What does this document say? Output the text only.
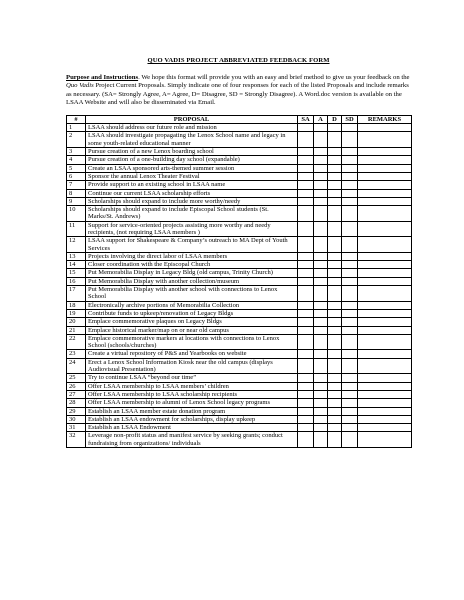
QUO VADIS PROJECT ABBREVIATED FEEDBACK FORM

Purpose and Instructions. We hope this format will provide you with an easy and brief method to give us your feedback on the Quo Vadis Project Current Proposals. Simply indicate one of four responses for each of the listed Proposals and include remarks as necessary. (SA= Strongly Agree, A= Agree, D= Disagree, SD = Strongly Disagree). A Word.doc version is available on the LSAA Website and will also be disseminated via Email.

#	PROPOSAL	SA	A	D	SD	REMARKS
1	LSAA should address our future role and mission					
2	LSAA should investigate propagating the Lenox School name and legacy in some youth-related educational manner					
3	Pursue creation of a new Lenox boarding school					
4	Pursue creation of a one-building day school (expandable)					
5	Create an LSAA sponsored arts-themed summer session					
6	Sponsor the annual Lenox Theater Festival					
7	Provide support to an existing school in LSAA name					
8	Continue our current LSAA scholarship efforts					
9	Scholarships should expand to include more worthy/needy					
10	Scholarships should expand to include Episcopal School students (St. Marks/St. Andrews)					
11	Support for service-oriented projects assisting more worthy and needy recipients, (not requiring LSAA members )					
12	LSAA support for Shakespeare & Company’s outreach to MA Dept of Youth Services					
13	Projects involving the direct labor of LSAA members					
14	Closer coordination with the Episcopal Church					
15	Put Memorabilia Display in Legacy Bldg (old campus, Trinity Church)					
16	Put Memorabilia Display with another collection/museum					
17	Put Memorabilia Display with another school with connections to Lenox School					
18	Electronically archive portions of Memorabilia Collection					
19	Contribute funds to upkeep/renovation of Legacy Bldgs					
20	Emplace commemorative plaques on Legacy Bldgs					
21	Emplace historical marker/map on or near old campus					
22	Emplace commemorative markers at locations with connections to Lenox School (schools/churches)					
23	Create a virtual repository of P&S and Yearbooks on website					
24	Erect a Lenox School Information Kiosk near the old campus (displays Audiovisual Presentation)					
25	Try to continue LSAA “beyond our time”					
26	Offer LSAA membership to LSAA members’ children					
27	Offer LSAA membership to LSAA scholarship recipients					
28	Offer LSAA membership to alumni of Lenox School legacy programs					
29	Establish an LSAA member estate donation program					
30	Establish an LSAA endowment for scholarships, display upkeep					
31	Establish an LSAA Endowment					
32	Leverage non-profit status and manifest service by seeking grants; conduct fundraising from organizations/ individuals					
